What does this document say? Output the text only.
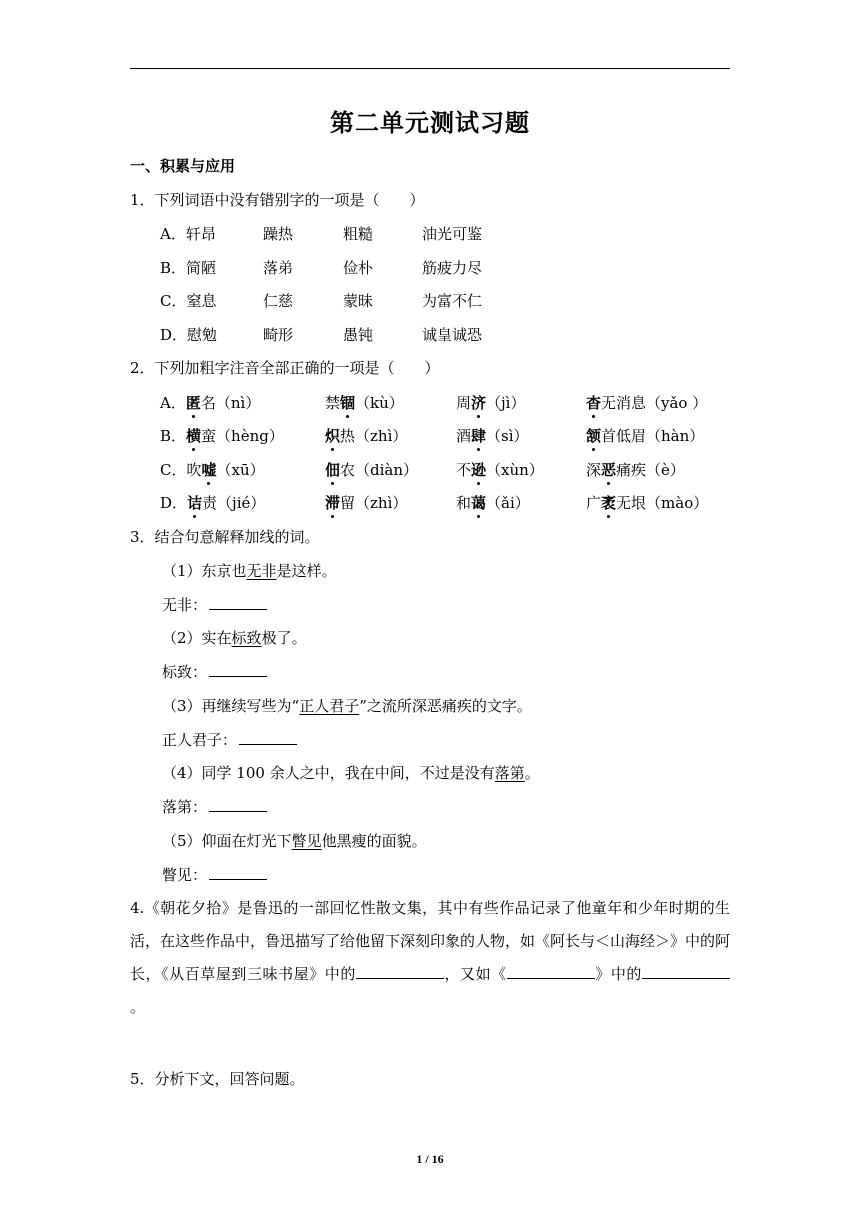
第二单元测试习题
一、积累与应用
1．下列词语中没有错别字的一项是（　　）
A．轩昂	躁热	粗糙	油光可鉴
B．简陋	落弟	俭朴	筋疲力尽
C．窒息	仁慈	蒙昧	为富不仁
D．慰勉	畸形	愚钝	诚皇诚恐
2．下列加粗字注音全部正确的一项是（　　）
A．匿名（nì）	禁锢（kù）	周济（jì）	杳无消息（yǎo ）
B．横蛮（hèng）	炽热（zhì）	酒肆（sì）	颔首低眉（hàn）
C．吹嘘（xū）	佃农（diàn）	不逊（xùn）	深恶痛疾（è）
D．诘责（jié）	滞留（zhì）	和蔼（ǎi）	广袤无垠（mào）
3．结合句意解释加线的词。
（1）东京也无非是这样。
无非：
（2）实在标致极了。
标致：
（3）再继续写些为“正人君子”之流所深恶痛疾的文字。
正人君子：
（4）同学 100 余人之中，我在中间，不过是没有落第。
落第：
（5）仰面在灯光下瞥见他黑瘦的面貌。
瞥见：
4.《朝花夕拾》是鲁迅的一部回忆性散文集，其中有些作品记录了他童年和少年时期的生活，在这些作品中，鲁迅描写了给他留下深刻印象的人物，如《阿长与＜山海经＞》中的阿长，《从百草屋到三味书屋》中的	，又如《	》中的。
5．分析下文，回答问题。
1 / 16
